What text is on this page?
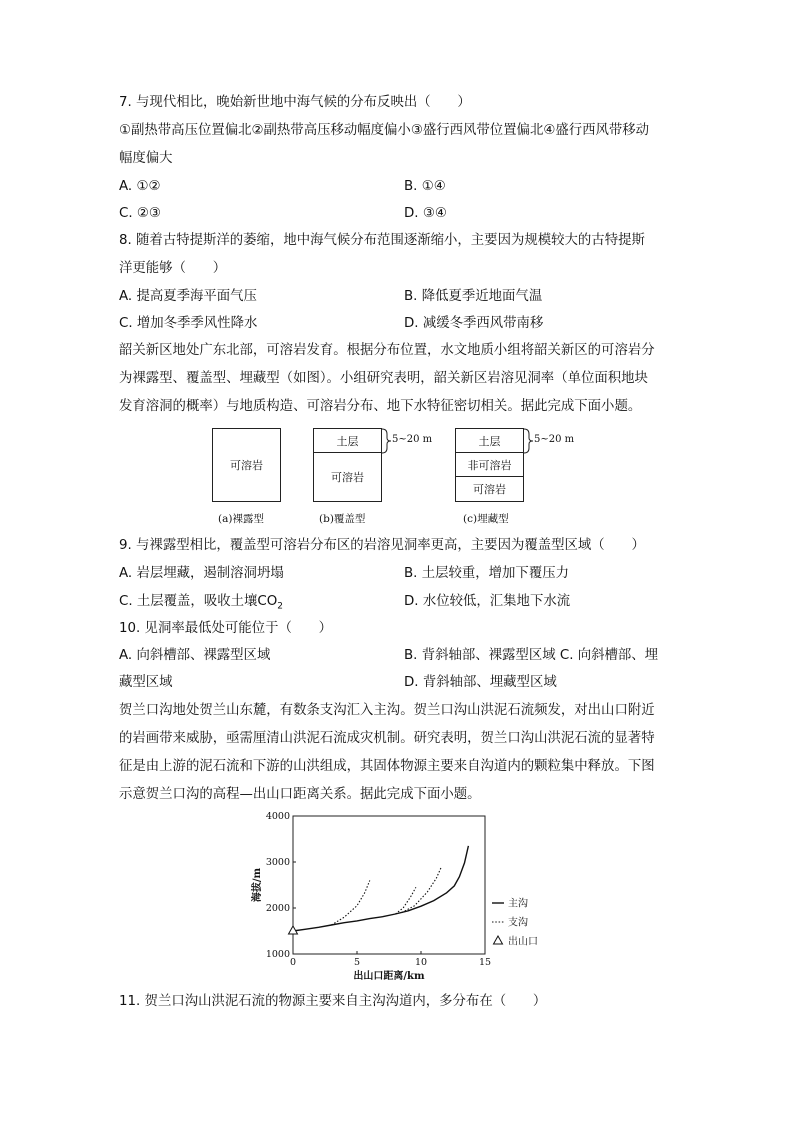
7. 与现代相比，晚始新世地中海气候的分布反映出（　　）
①副热带高压位置偏北②副热带高压移动幅度偏小③盛行西风带位置偏北④盛行西风带移动
幅度偏大
A. ①②	B. ①④
C. ②③	D. ③④
8. 随着古特提斯洋的萎缩，地中海气候分布范围逐渐缩小，主要因为规模较大的古特提斯
洋更能够（　　）
A. 提高夏季海平面气压	B. 降低夏季近地面气温
C. 增加冬季季风性降水	D. 减缓冬季西风带南移
韶关新区地处广东北部，可溶岩发育。根据分布位置，水文地质小组将韶关新区的可溶岩分
为裸露型、覆盖型、埋藏型（如图）。小组研究表明，韶关新区岩溶见洞率（单位面积地块
发育溶洞的概率）与地质构造、可溶岩分布、地下水特征密切相关。据此完成下面小题。
可溶岩
(a)裸露型
土层
可溶岩
5~20 m
(b)覆盖型
土层
非可溶岩
可溶岩
5~20 m
(c)埋藏型
9. 与裸露型相比，覆盖型可溶岩分布区的岩溶见洞率更高，主要因为覆盖型区域（　　）
A. 岩层埋藏，遏制溶洞坍塌	B. 土层较重，增加下覆压力
C. 土层覆盖，吸收土壤$CO_2$	D. 水位较低，汇集地下水流
10. 见洞率最低处可能位于（　　）
A. 向斜槽部、裸露型区域	B. 背斜轴部、裸露型区域 C. 向斜槽部、埋
藏型区域	D. 背斜轴部、埋藏型区域
贺兰口沟地处贺兰山东麓，有数条支沟汇入主沟。贺兰口沟山洪泥石流频发，对出山口附近
的岩画带来威胁，亟需厘清山洪泥石流成灾机制。研究表明，贺兰口沟山洪泥石流的显著特
征是由上游的泥石流和下游的山洪组成，其固体物源主要来自沟道内的颗粒集中释放。下图
示意贺兰口沟的高程—出山口距离关系。据此完成下面小题。
0	5	10	15
1000
2000
3000
4000
出山口距离/km
海拔/m
主沟
支沟
出山口
11. 贺兰口沟山洪泥石流的物源主要来自主沟沟道内，多分布在（　　）
